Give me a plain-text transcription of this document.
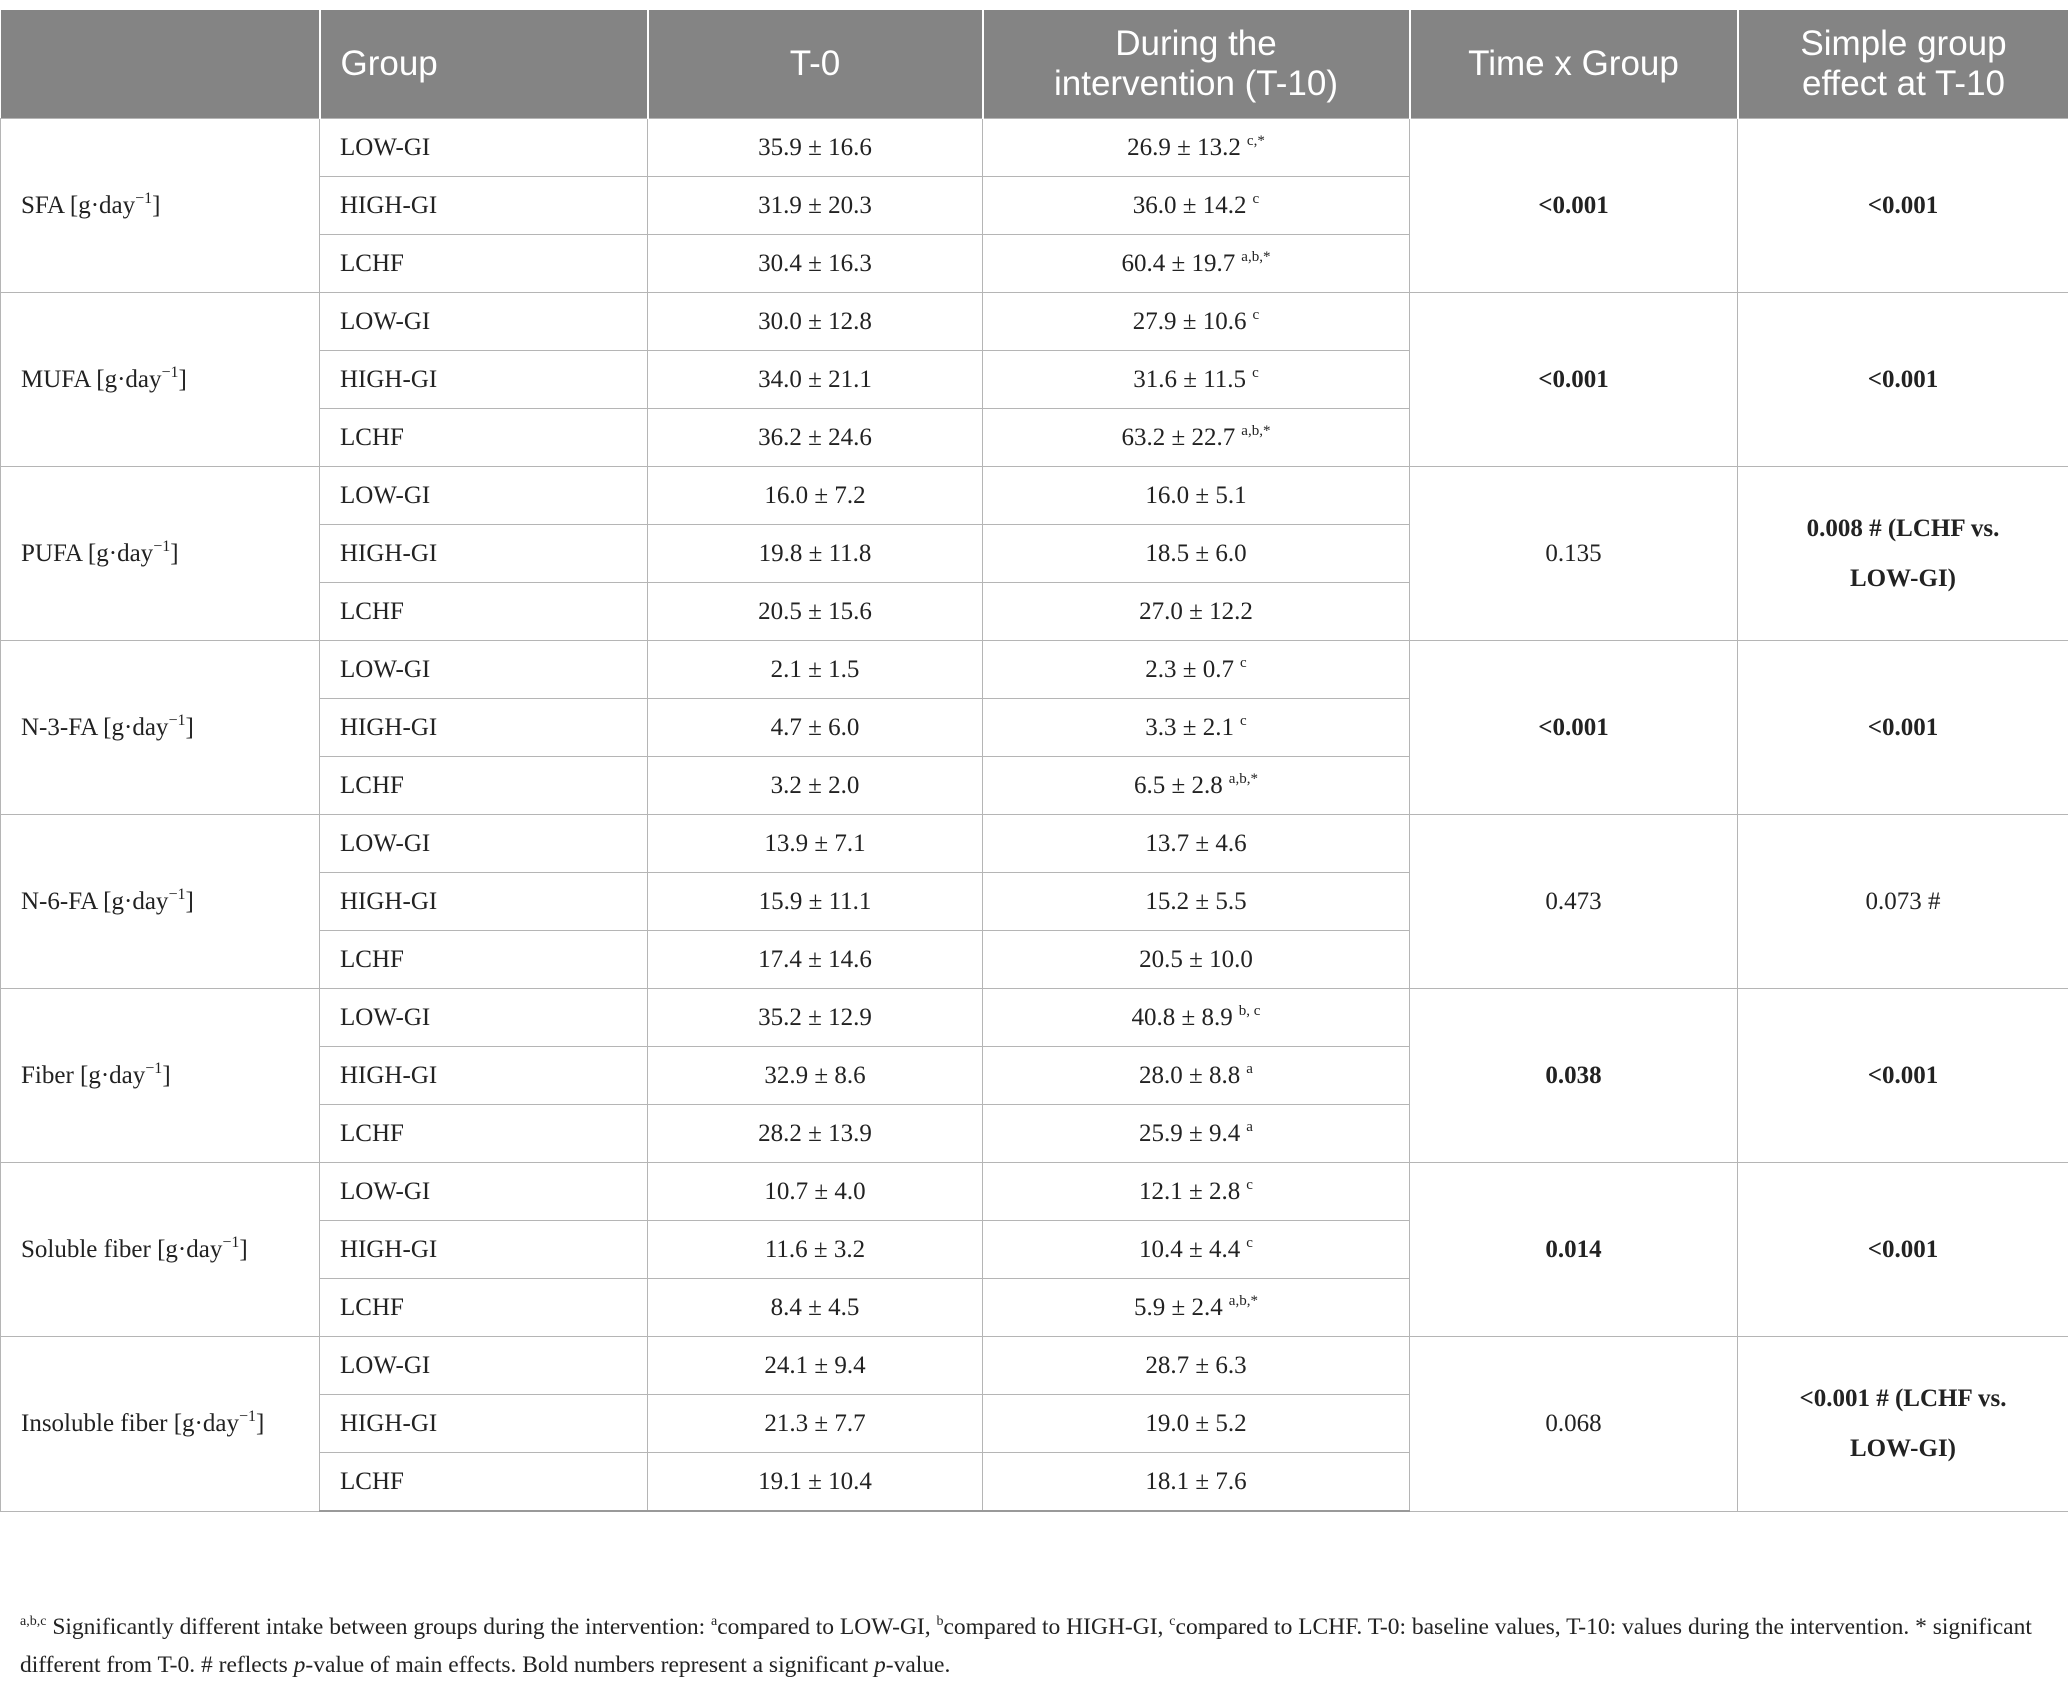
	Group	T-0	During the
intervention (T-10)	Time x Group	Simple group
effect at T-10
SFA [g·day$^{-1}$]	LOW-GI	35.9 ± 16.6	26.9 ± 13.2 $^{c,*}$	<0.001	<0.001
	HIGH-GI	31.9 ± 20.3	36.0 ± 14.2 $^c$
	LCHF	30.4 ± 16.3	60.4 ± 19.7 $^{a,b,*}$
MUFA [g·day$^{-1}$]	LOW-GI	30.0 ± 12.8	27.9 ± 10.6 $^c$	<0.001	<0.001
	HIGH-GI	34.0 ± 21.1	31.6 ± 11.5 $^c$
	LCHF	36.2 ± 24.6	63.2 ± 22.7 $^{a,b,*}$
PUFA [g·day$^{-1}$]	LOW-GI	16.0 ± 7.2	16.0 ± 5.1	0.135	0.008 # (LCHF vs.
LOW-GI)
	HIGH-GI	19.8 ± 11.8	18.5 ± 6.0		
	LCHF	20.5 ± 15.6	27.0 ± 12.2		
N-3-FA [g·day$^{-1}$]	LOW-GI	2.1 ± 1.5	2.3 ± 0.7 $^c$	<0.001	<0.001
	HIGH-GI	4.7 ± 6.0	3.3 ± 2.1 $^c$
	LCHF	3.2 ± 2.0	6.5 ± 2.8 $^{a,b,*}$
N-6-FA [g·day$^{-1}$]	LOW-GI	13.9 ± 7.1	13.7 ± 4.6	0.473	0.073 #
	HIGH-GI	15.9 ± 11.1	15.2 ± 5.5		
	LCHF	17.4 ± 14.6	20.5 ± 10.0		
Fiber [g·day$^{-1}$]	LOW-GI	35.2 ± 12.9	40.8 ± 8.9 $^{b, c}$	0.038	<0.001
	HIGH-GI	32.9 ± 8.6	28.0 ± 8.8 $^a$
	LCHF	28.2 ± 13.9	25.9 ± 9.4 $^a$
Soluble fiber [g·day$^{-1}$]	LOW-GI	10.7 ± 4.0	12.1 ± 2.8 $^c$	0.014	<0.001
	HIGH-GI	11.6 ± 3.2	10.4 ± 4.4 $^c$
	LCHF	8.4 ± 4.5	5.9 ± 2.4 $^{a,b,*}$
Insoluble fiber [g·day$^{-1}$]	LOW-GI	24.1 ± 9.4	28.7 ± 6.3	0.068	<0.001 # (LCHF vs.
LOW-GI)
	HIGH-GI	21.3 ± 7.7	19.0 ± 5.2		
	LCHF	19.1 ± 10.4	18.1 ± 7.6		
$^{a,b,c}$ Significantly different intake between groups during the intervention: $^a$compared to LOW-GI, $^b$compared to HIGH-GI, $^c$compared to LCHF. T-0: baseline values, T-10: values during the intervention. * significant different from T-0. # reflects p-value of main effects. Bold numbers represent a significant p-value.
